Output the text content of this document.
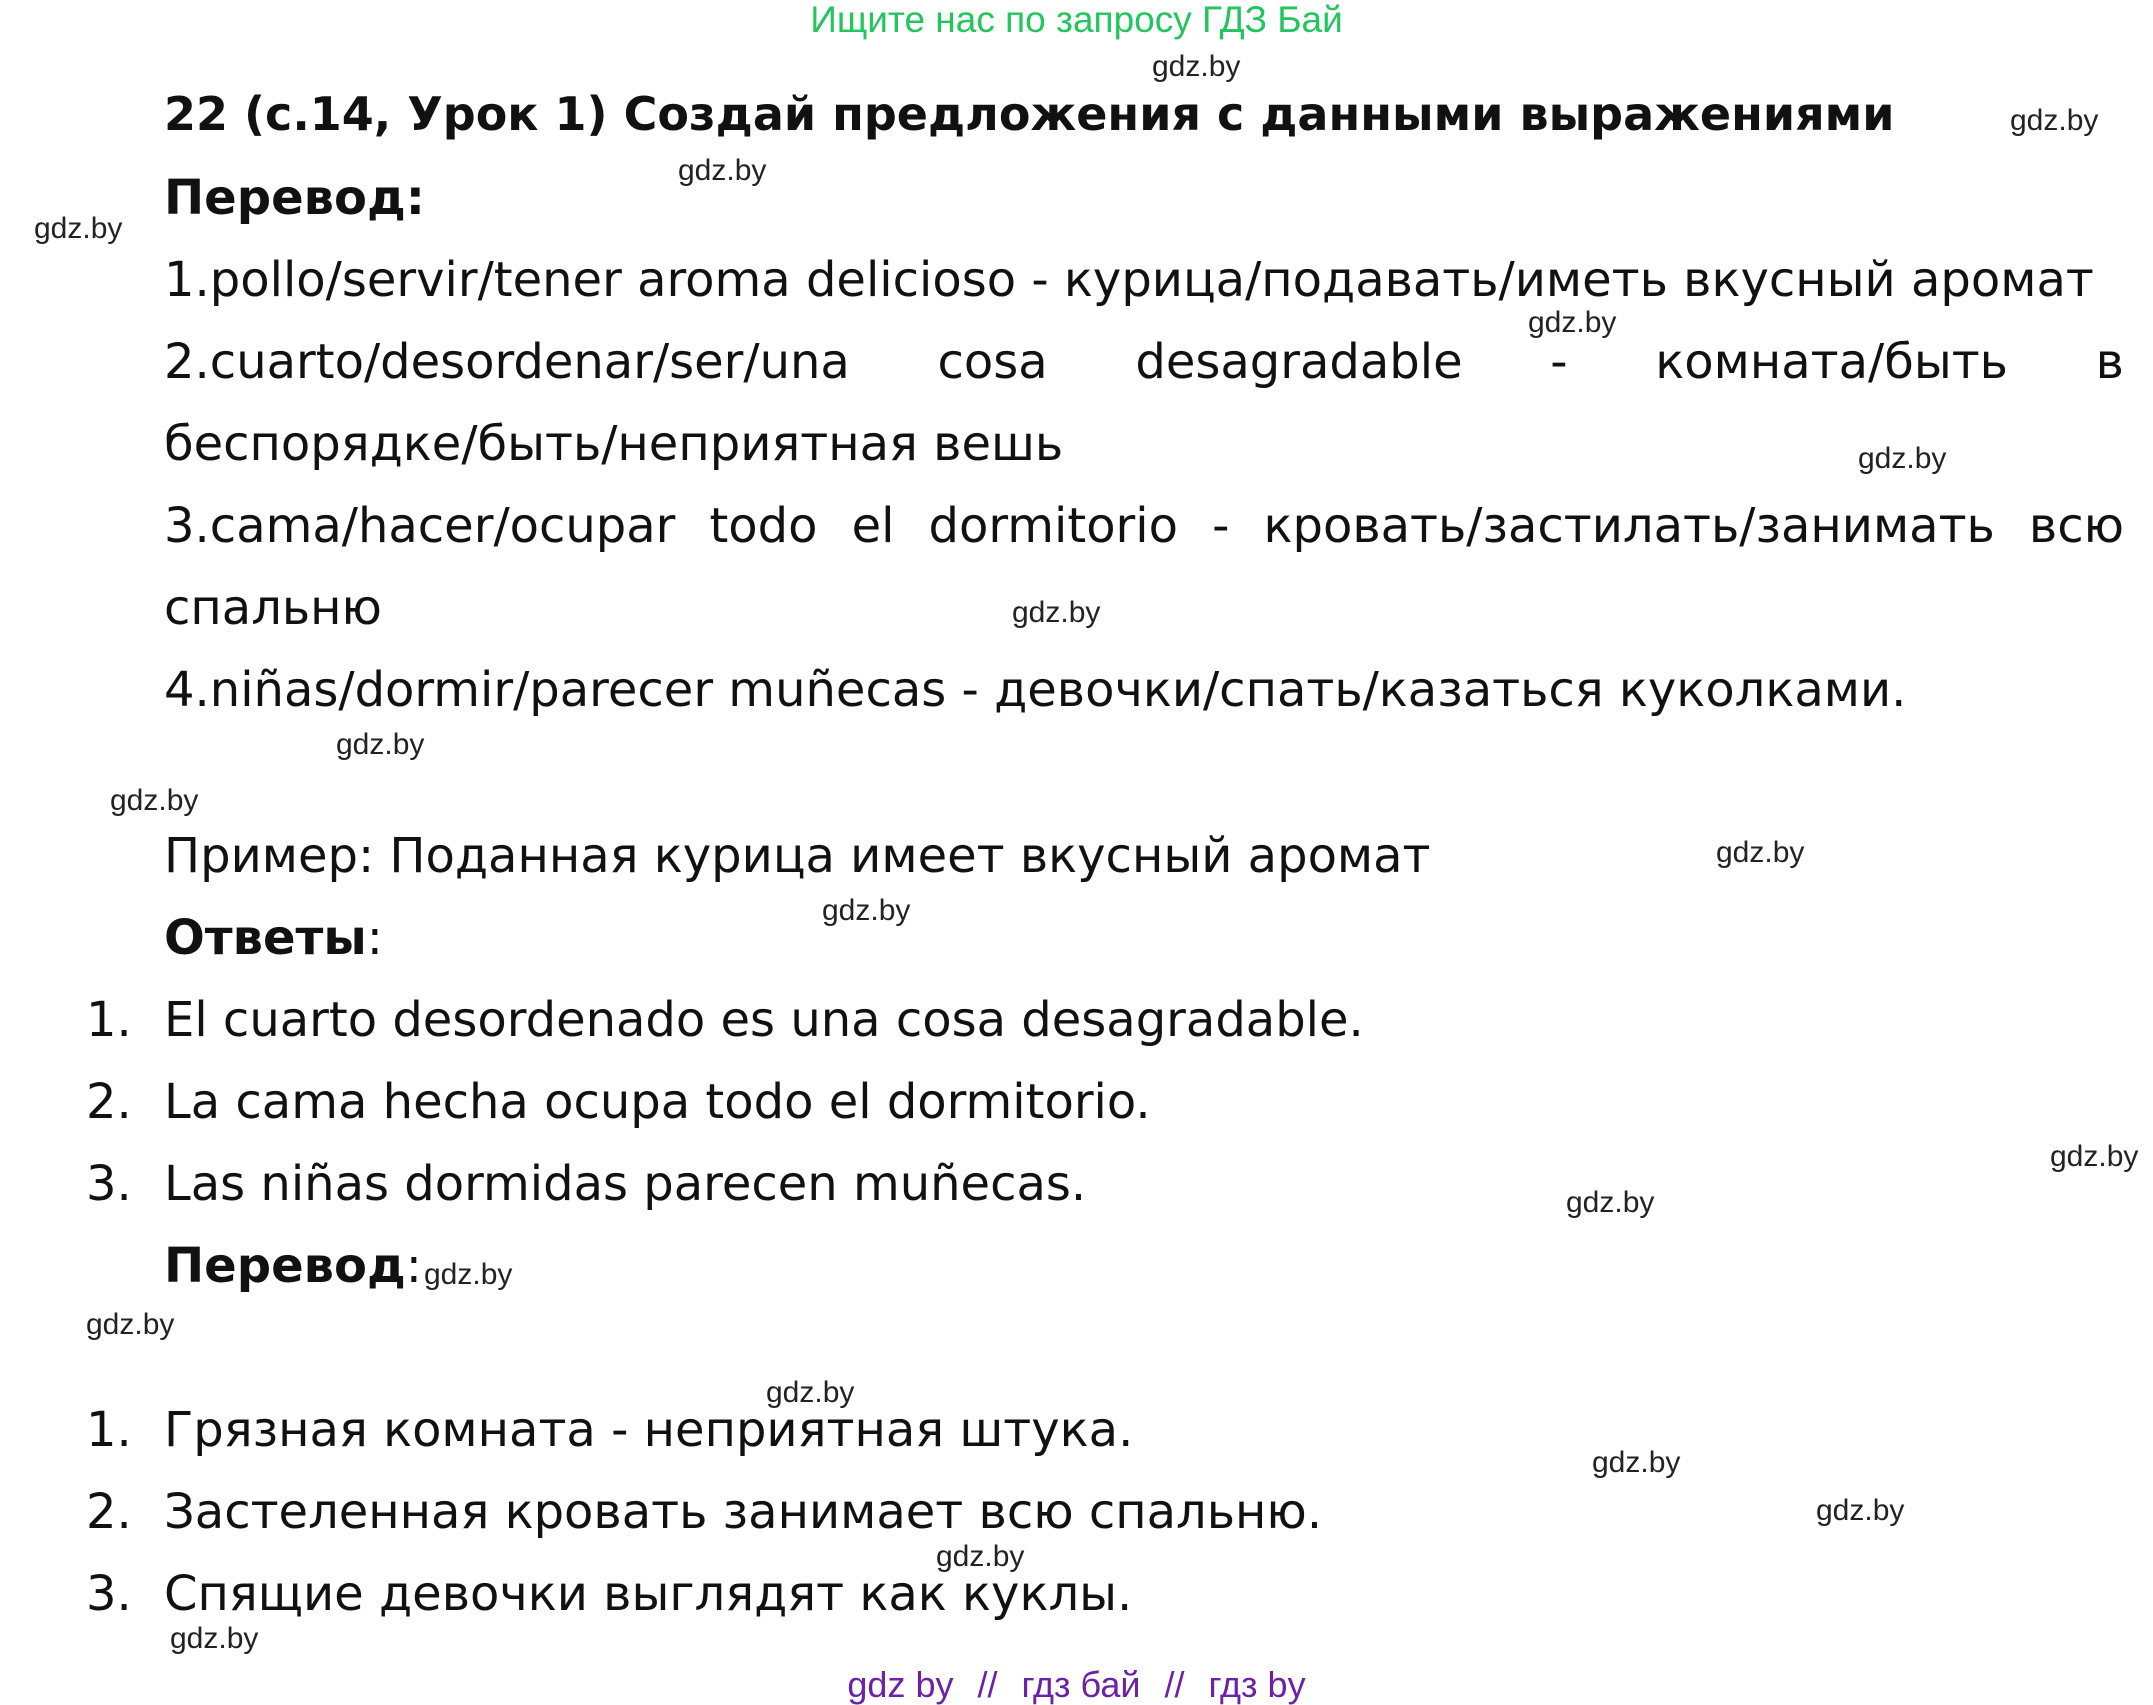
Ищите нас по запросу ГДЗ Бай
22 (с.14, Урок 1) Создай предложения с данными выражениями
Перевод:
1.pollo/servir/tener aroma delicioso - курица/подавать/иметь вкусный аромат
2.cuarto/desordenar/ser/una cosa desagradable - комната/быть в
беспорядке/быть/неприятная вешь
3.cama/hacer/ocupar todo el dormitorio - кровать/застилать/занимать всю
спальню
4.niñas/dormir/parecer muñecas - девочки/спать/казаться куколками.
Пример: Поданная курица имеет вкусный аромат
Ответы:
1. El cuarto desordenado es una cosa desagradable.
2. La cama hecha ocupa todo el dormitorio.
3. Las niñas dormidas parecen muñecas.
Перевод:
1. Грязная комната - неприятная штука.
2. Застеленная кровать занимает всю спальню.
3. Спящие девочки выглядят как куклы.
gdz.by
gdz.by
gdz.by
gdz.by
gdz.by
gdz.by
gdz.by
gdz.by
gdz.by
gdz.by
gdz.by
gdz.by
gdz.by
gdz.by
gdz.by
gdz.by
gdz.by
gdz.by
gdz.by
gdz.by
gdz by // гдз бай // гдз by
